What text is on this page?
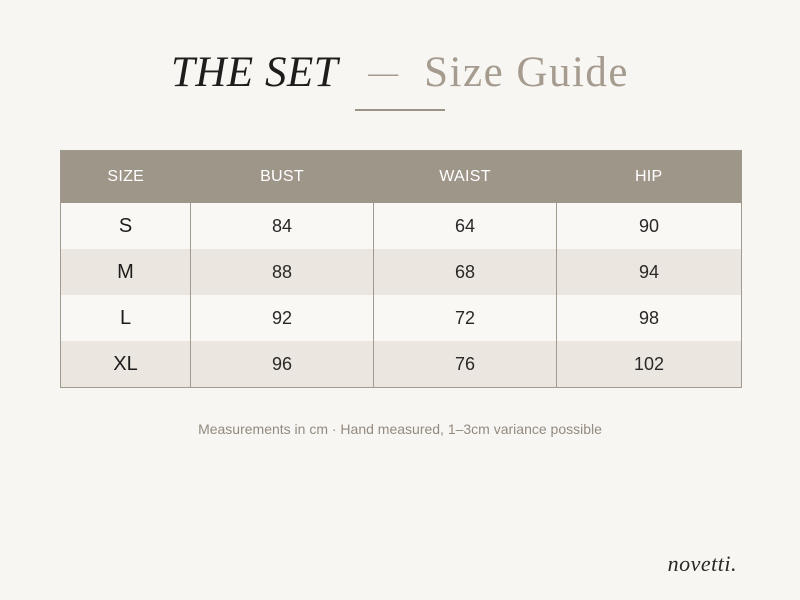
THE SET — Size Guide
SIZE	BUST	WAIST	HIP
S	84	64	90
M	88	68	94
L	92	72	98
XL	96	76	102
Measurements in cm · Hand measured, 1–3cm variance possible
novetti.
